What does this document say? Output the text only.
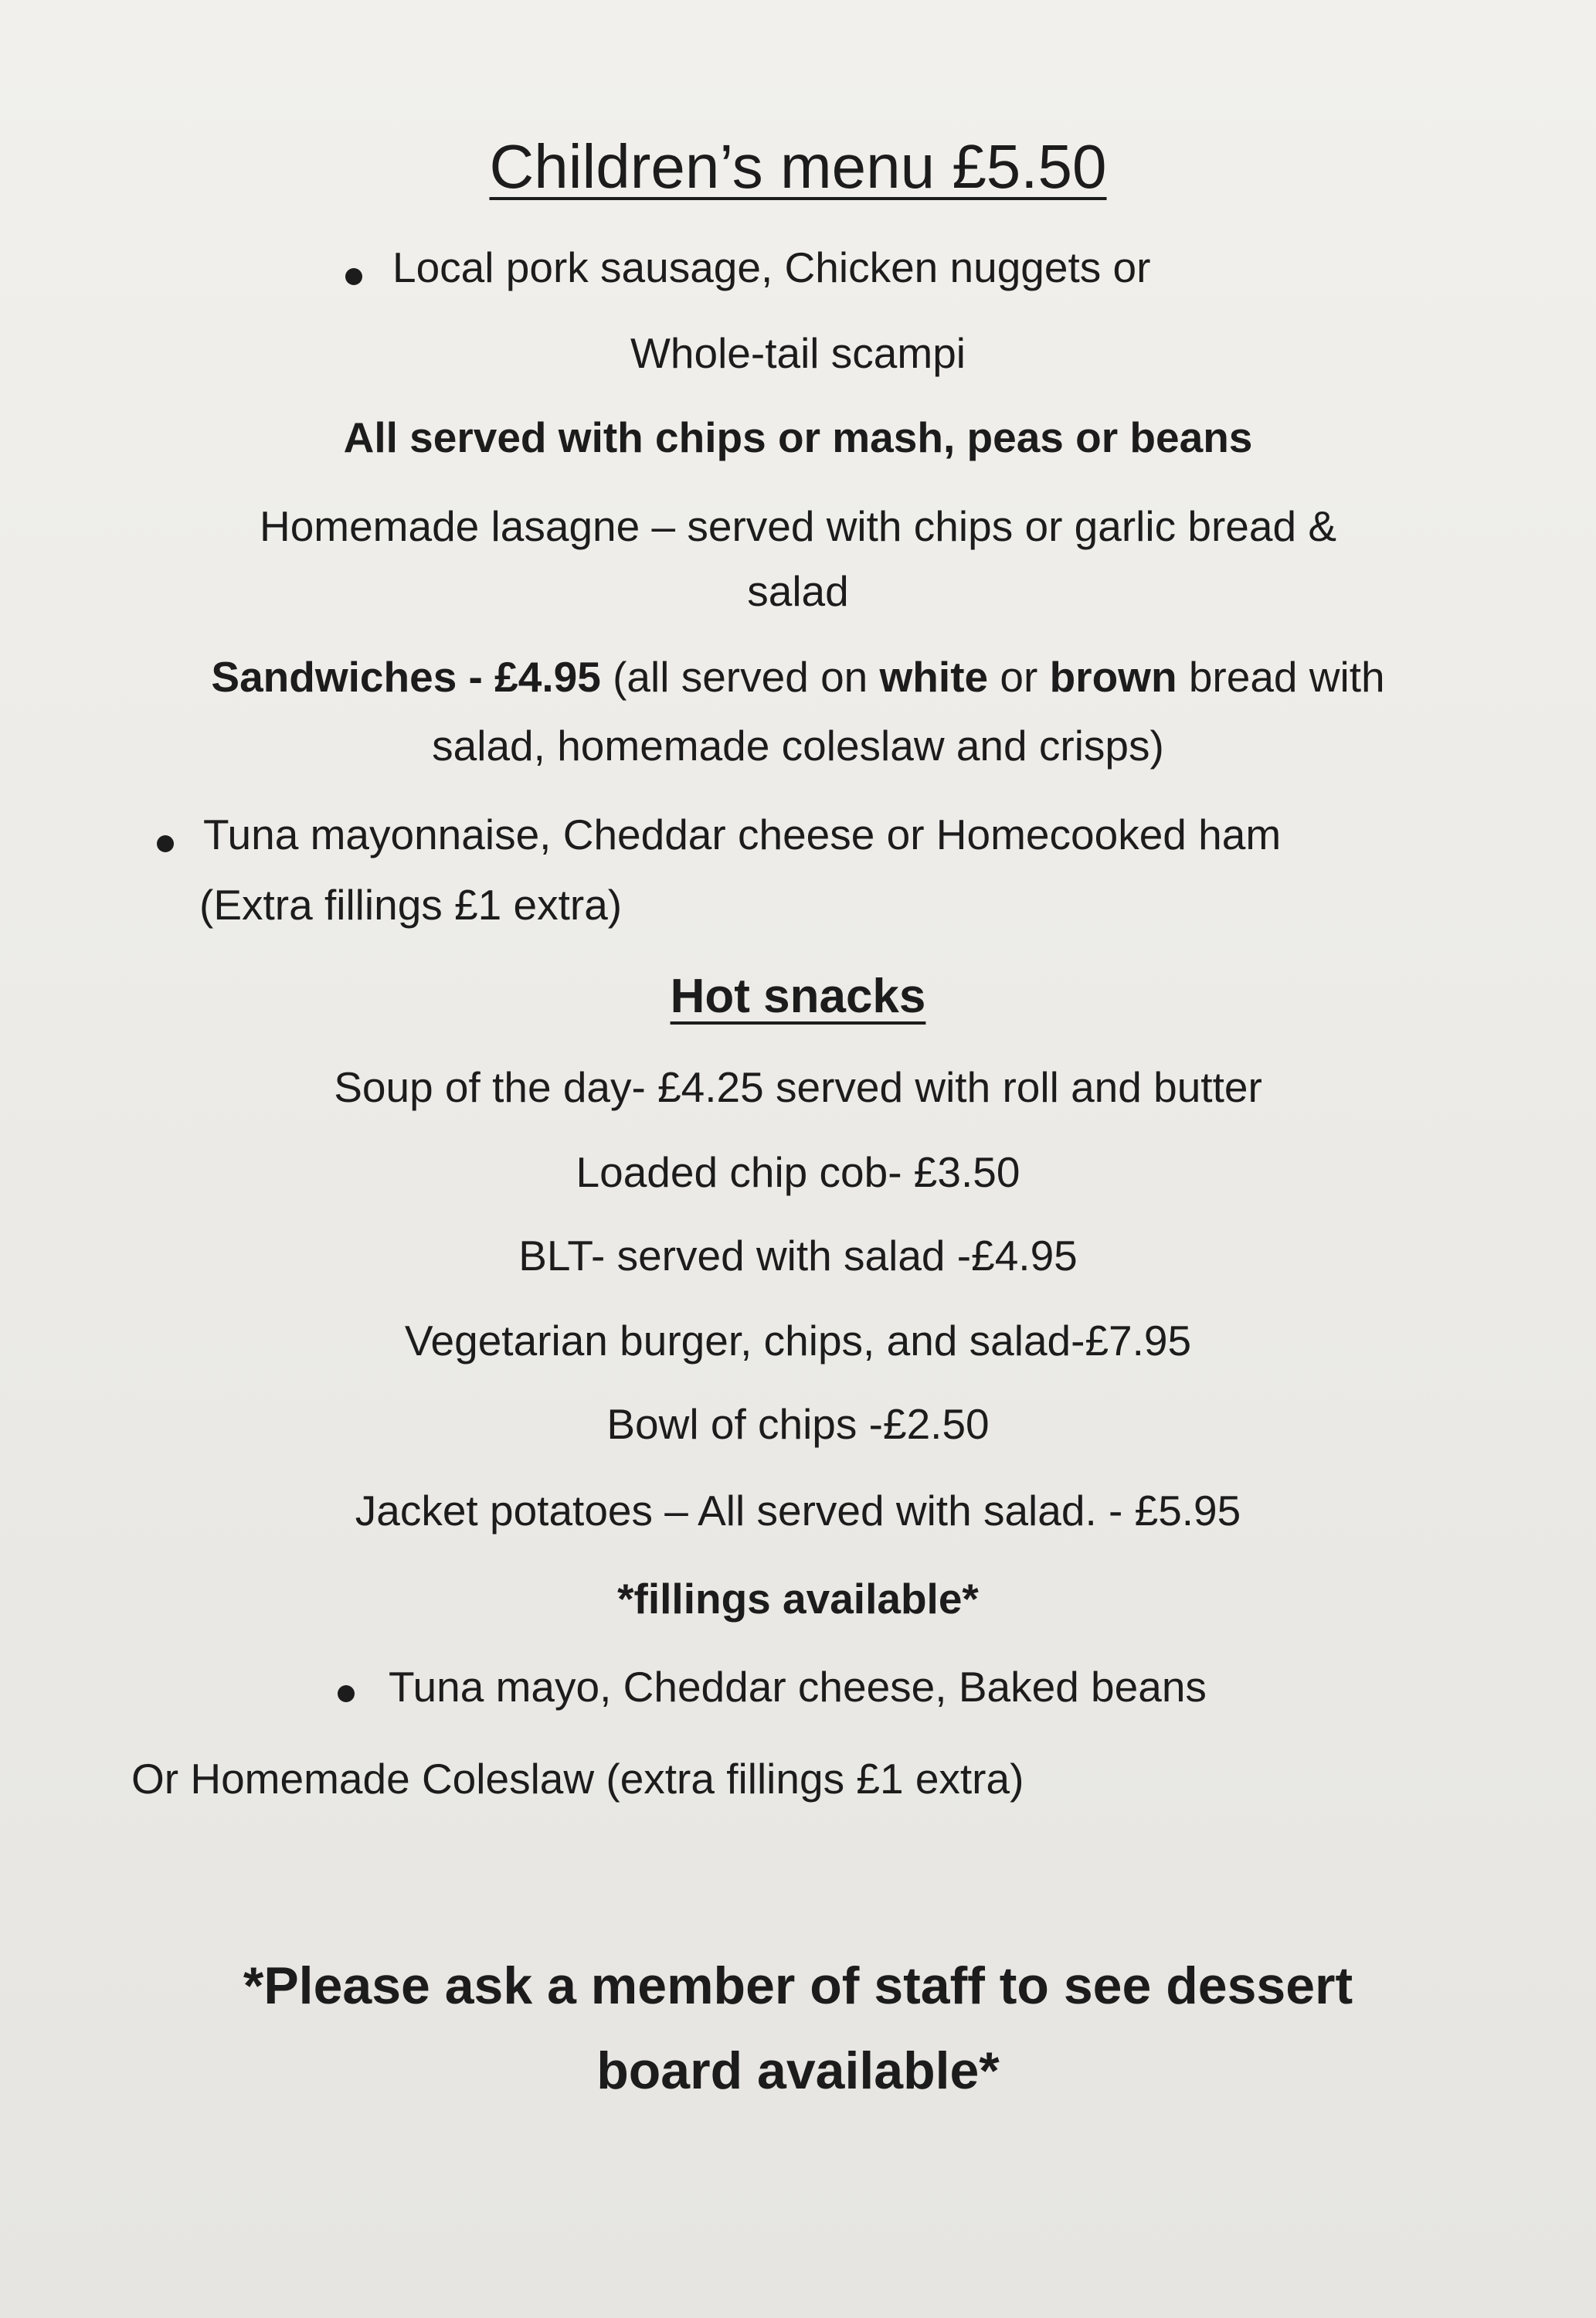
Children’s menu £5.50
Local pork sausage, Chicken nuggets or
Whole-tail scampi
All served with chips or mash, peas or beans
Homemade lasagne – served with chips or garlic bread &
salad
Sandwiches - £4.95 (all served on white or brown bread with
salad, homemade coleslaw and crisps)
Tuna mayonnaise, Cheddar cheese or Homecooked ham
(Extra fillings £1 extra)
Hot snacks
Soup of the day- £4.25 served with roll and butter
Loaded chip cob- £3.50
BLT- served with salad -£4.95
Vegetarian burger, chips, and salad-£7.95
Bowl of chips -£2.50
Jacket potatoes – All served with salad. - £5.95
*fillings available*
Tuna mayo, Cheddar cheese, Baked beans
Or Homemade Coleslaw (extra fillings £1 extra)
*Please ask a member of staff to see dessert
board available*
